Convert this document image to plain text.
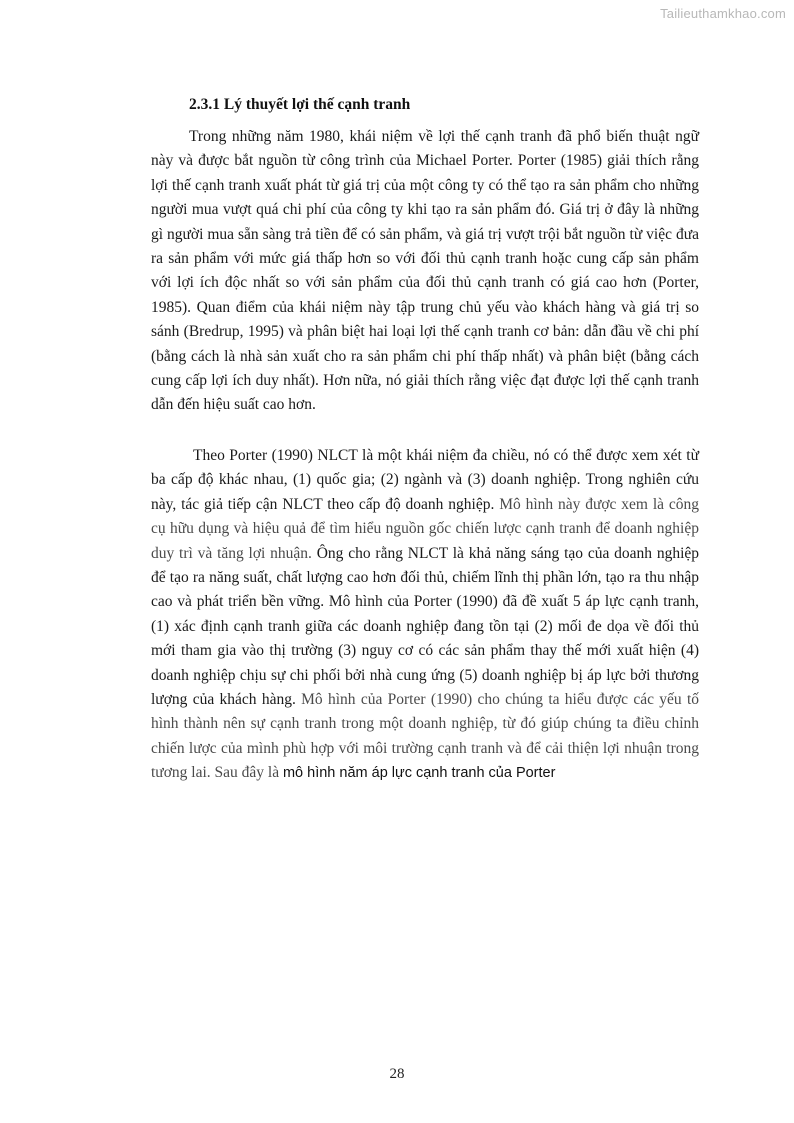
Tailieuthamkhao.com
2.3.1 Lý thuyết lợi thế cạnh tranh

Trong những năm 1980, khái niệm về lợi thế cạnh tranh đã phổ biến thuật ngữ này và được bắt nguồn từ công trình của Michael Porter. Porter (1985) giải thích rằng lợi thế cạnh tranh xuất phát từ giá trị của một công ty có thể tạo ra sản phẩm cho những người mua vượt quá chi phí của công ty khi tạo ra sản phẩm đó. Giá trị ở đây là những gì người mua sẵn sàng trả tiền để có sản phẩm, và giá trị vượt trội bắt nguồn từ việc đưa ra sản phẩm với mức giá thấp hơn so với đối thủ cạnh tranh hoặc cung cấp sản phẩm với lợi ích độc nhất so với sản phẩm của đối thủ cạnh tranh có giá cao hơn (Porter, 1985). Quan điểm của khái niệm này tập trung chủ yếu vào khách hàng và giá trị so sánh (Bredrup, 1995) và phân biệt hai loại lợi thế cạnh tranh cơ bản: dẫn đầu về chi phí (bằng cách là nhà sản xuất cho ra sản phẩm chi phí thấp nhất) và phân biệt (bằng cách cung cấp lợi ích duy nhất). Hơn nữa, nó giải thích rằng việc đạt được lợi thế cạnh tranh dẫn đến hiệu suất cao hơn.

Theo Porter (1990) NLCT là một khái niệm đa chiều, nó có thể được xem xét từ ba cấp độ khác nhau, (1) quốc gia; (2) ngành và (3) doanh nghiệp. Trong nghiên cứu này, tác giả tiếp cận NLCT theo cấp độ doanh nghiệp. Mô hình này được xem là công cụ hữu dụng và hiệu quả để tìm hiểu nguồn gốc chiến lược cạnh tranh để doanh nghiệp duy trì và tăng lợi nhuận. Ông cho rằng NLCT là khả năng sáng tạo của doanh nghiệp để tạo ra năng suất, chất lượng cao hơn đối thủ, chiếm lĩnh thị phần lớn, tạo ra thu nhập cao và phát triển bền vững. Mô hình của Porter (1990) đã đề xuất 5 áp lực cạnh tranh, (1) xác định cạnh tranh giữa các doanh nghiệp đang tồn tại (2) mối đe dọa về đối thủ mới tham gia vào thị trường (3) nguy cơ có các sản phẩm thay thế mới xuất hiện (4) doanh nghiệp chịu sự chi phối bởi nhà cung ứng (5) doanh nghiệp bị áp lực bởi thương lượng của khách hàng. Mô hình của Porter (1990) cho chúng ta hiểu được các yếu tố hình thành nên sự cạnh tranh trong một doanh nghiệp, từ đó giúp chúng ta điều chỉnh chiến lược của mình phù hợp với môi trường cạnh tranh và để cải thiện lợi nhuận trong tương lai. Sau đây là mô hình năm áp lực cạnh tranh của Porter

28
